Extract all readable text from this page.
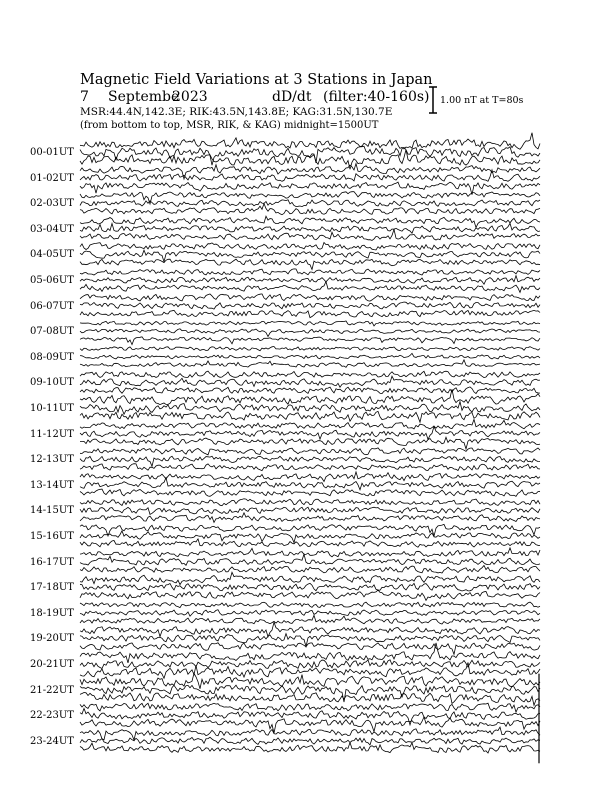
Magnetic Field Variations at 3 Stations in Japan
7 Septembe
2023	dD/dt (filter:40-160s)
MSR:44.4N,142.3E; RIK:43.5N,143.8E; KAG:31.5N,130.7E
(from bottom to top, MSR, RIK, & KAG) midnight=1500UT
1.00 nT at T=80s
00-01UT
01-02UT
02-03UT
03-04UT
04-05UT
05-06UT
06-07UT
07-08UT
08-09UT
09-10UT
10-11UT
11-12UT
12-13UT
13-14UT
14-15UT
15-16UT
16-17UT
17-18UT
18-19UT
19-20UT
20-21UT
21-22UT
22-23UT
23-24UT
